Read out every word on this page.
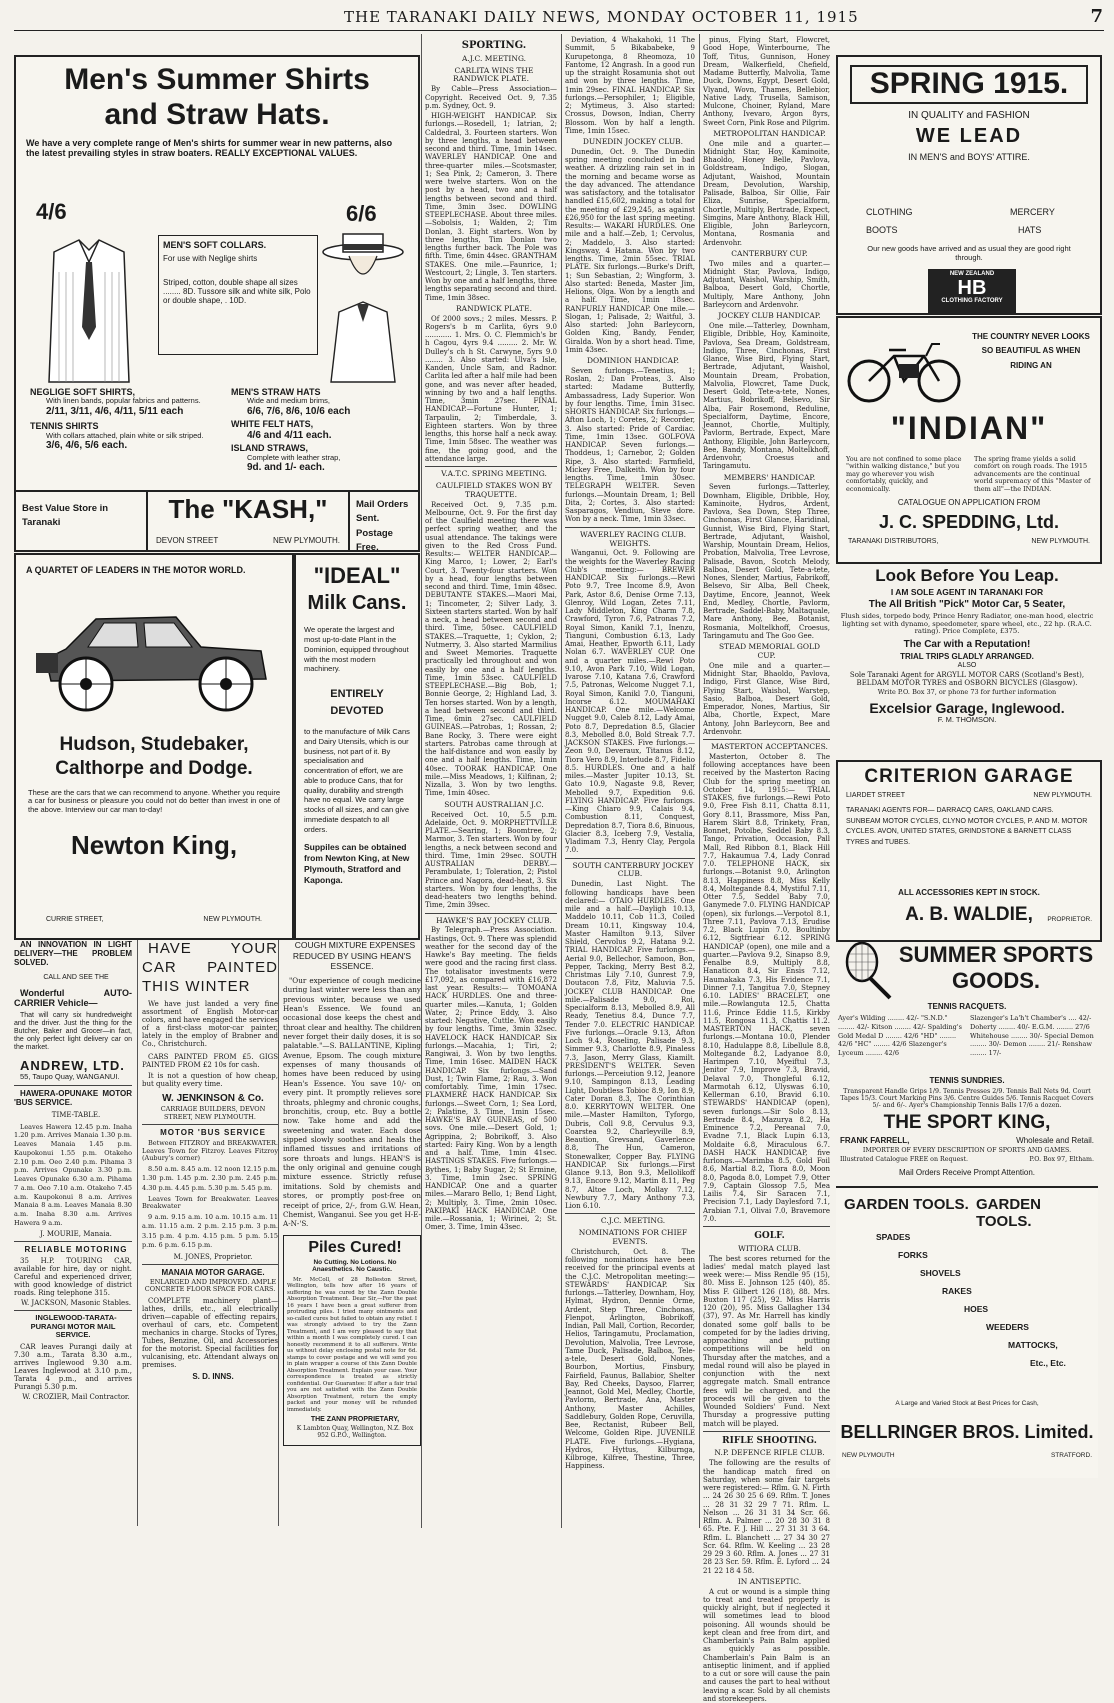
THE TARANAKI DAILY NEWS, MONDAY OCTOBER 11, 1915	7

Men's Summer Shirts

and Straw Hats.

We have a very complete range of Men's shirts for summer wear in new patterns, also the latest prevailing styles in straw boaters. REALLY EXCEPTIONAL VALUES.

4/6	6/6

MEN'S SOFT COLLARS.

For use with Neglige shirts

Striped, cotton, double shape all sizes ........ 8D. Tussore silk and white silk, Polo or double shape, . 10D.

NEGLIGE SOFT SHIRTS,

With linen bands, popular fabrics and patterns.

2/11, 3/11, 4/6, 4/11, 5/11 each

TENNIS SHIRTS

With collars attached, plain white or silk striped.

3/6, 4/6, 5/6 each.

MEN'S STRAW HATS

Wide and medium brims,

6/6, 7/6, 8/6, 10/6 each

WHITE FELT HATS,

4/6 and 4/11 each.

ISLAND STRAWS,

Complete with leather strap,

9d. and 1/- each.

Best Value Store in Taranaki	The "KASH,"

DEVON STREET	NEW PLYMOUTH.

Mail Orders Sent. Postage Free.

A QUARTET OF LEADERS IN THE MOTOR WORLD.

Hudson, Studebaker, Calthorpe and Dodge.

These are the cars that we can recommend to anyone. Whether you require a car for business or pleasure you could not do better than invest in one of the above. Interview our car man to-day!

Newton King,

CURRIE STREET,	NEW PLYMOUTH.

"IDEAL"

Milk Cans.

We operate the largest and most up-to-date Plant in the Dominion, equipped throughout with the most modern machinery.

ENTIRELY DEVOTED

to the manufacture of Milk Cans and Dairy Utensils, which is our business, not part of it. By specialisation and concentration of effort, we are able to produce Cans, that for quality, durability and strength have no equal. We carry large stocks of all sizes, and can give immediate despatch to all orders.

Suppiles can be obtained from Newton King, at New Plymouth, Stratford and Kaponga.

AN INNOVATION IN LIGHT DELIVERY—THE PROBLEM SOLVED.

CALL AND SEE THE

Wonderful AUTO-CARRIER Vehicle—

That will carry six hundredweight and the driver. Just the thing for the Butcher, Baker and Grocer—in fact, the only perfect light delivery car on the market.

ANDREW, LTD.
55, Taupo Quay, WANGANUI.

HAWERA-OPUNAKE MOTOR 'BUS SERVICE.

TIME-TABLE.

Leaves Hawera 12.45 p.m. Inaha 1.20 p.m. Arrives Manaia 1.30 p.m. Leaves Manaia 1.45 p.m. Kaupokonui 1.55 p.m. Otakeho 2.10 p.m. Oeo 2.40 p.m. Pihama 3 p.m. Arrives Opunake 3.30 p.m. Leaves Opunake 6.30 a.m. Pihama 7 a.m. Oeo 7.10 a.m. Otakeho 7.45 a.m. Kaupokonui 8 a.m. Arrives Manaia 8 a.m. Leaves Manaia 8.30 a.m. Inaha 8.30 a.m. Arrives Hawera 9 a.m.

J. MOURIE, Manaia.

RELIABLE MOTORING

35 H.P. TOURING CAR, available for hire, day or night. Careful and experienced driver, with good knowledge of district roads. Ring telephone 315.

W. JACKSON, Masonic Stables.

INGLEWOOD-TARATA-PURANGI MOTOR MAIL SERVICE.

CAR leaves Purangi daily at 7.30 a.m., Tarata 8.30 a.m., arrives Inglewood 9.30 a.m. Leaves Inglewood at 3.10 p.m., Tarata 4 p.m., and arrives Purangi 5.30 p.m.

W. CROZIER, Mail Contractor.

HAVE YOUR CAR PAINTED THIS WINTER

We have just landed a very fine assortment of English Motor-car colors, and have engaged the services of a first-class motor-car painter, lately in the employ of Brabner and Co., Christchurch.

CARS PAINTED FROM £5. GIGS PAINTED FROM £2 10s for cash.

It is not a question of how cheap, but quality every time.

W. JENKINSON & Co.

CARRIAGE BUILDERS, DEVON STREET, NEW PLYMOUTH.

MOTOR 'BUS SERVICE

Between FITZROY and BREAKWATER. Leaves Town for Fitzroy. Leaves Fitzroy (Aubury's corner)

8.50 a.m. 8.45 a.m. 12 noon 12.15 p.m. 1.30 p.m. 1.45 p.m. 2.30 p.m. 2.45 p.m. 4.30 p.m. 4.45 p.m. 5.30 p.m. 5.45 p.m.

Leaves Town for Breakwater. Leaves Breakwater

9 a.m. 9.15 a.m. 10 a.m. 10.15 a.m. 11 a.m. 11.15 a.m. 2 p.m. 2.15 p.m. 3 p.m. 3.15 p.m. 4 p.m. 4.15 p.m. 5 p.m. 5.15 p.m. 6 p.m. 6.15 p.m.

M. JONES, Proprietor.

MANAIA MOTOR GARAGE.

ENLARGED AND IMPROVED. AMPLE CONCRETE FLOOR SPACE FOR CARS.

COMPLETE machinery plant—lathes, drills, etc., all electrically driven—capable of effecting repairs, overhaul of cars, etc. Competent mechanics in charge. Stocks of Tyres, Tubes, Benzine, Oil, and Accessories for the motorist. Special facilities for vulcanising, etc. Attendant always on premises.

S. D. INNS.

COUGH MIXTURE EXPENSES REDUCED BY USING HEAN'S ESSENCE.

"Our experience of cough medicine during last winter were less than any previous winter, because we used Hean's Essence. We found an occasional dose keeps the chest and throat clear and healthy. The children never forget their daily doses, it is so palatable."—S. BALLANTINE, Kipling Avenue, Epsom. The cough mixture expenses of many thousands of homes have been reduced by using Hean's Essence. You save 10/- on every pint. It promptly relieves sore throats, phlegmy and chronic coughs, bronchitis, croup, etc. Buy a bottle now. Take home and add the sweetening and water. Each dose sipped slowly soothes and heals the inflamed tissues and irritations of sore throats and lungs. HEAN'S is the only original and genuine cough mixture essence. Strictly refuse imitations. Sold by chemists and stores, or promptly post-free on receipt of price, 2/-, from G.W. Hean, Chemist, Wanganui. See you get H-E-A-N-'S.

Piles Cured!

No Cutting. No Lotions. No Anaesthetics. No Caustic.

Mr. McColl, of 28 Rolleston Street, Wellington, tells how after 16 years of suffering he was cured by the Zann Double Absorption Treatment. Dear Sir,—For the past 16 years I have been a great sufferer from protruding piles. I tried many ointments and so-called cures but failed to obtain any relief. I was strongly advised to try the Zann Treatment, and I am very pleased to say that within a month I was completely cured. I can honestly recommend it to all sufferers. Write us without delay enclosing postal note for 6d. stamps to cover postage and we will send you in plain wrapper a course of this Zann Double Absorption Treatment. Explain your case. Your correspondence is treated as strictly confidential. Our Guarantee: If after a fair trial you are not satisfied with the Zann Double Absorption Treatment, return the empty packet and your money will be refunded immediately.

THE ZANN PROPRIETARY,

K Lambton Quay, Wellington, N.Z. Box 952 G.P.O., Wellington.

SPORTING.

A.J.C. MEETING.

CARLITA WINS THE RANDWICK PLATE.

By Cable—Press Association—Copyright. Received Oct. 9, 7.35 p.m. Sydney, Oct. 9.

HIGH-WEIGHT HANDICAP. Six furlongs.—Rosedell, 1; Iatrian, 2; Caldedral, 3. Fourteen starters. Won by three lengths, a head between second and third. Time, 1min 14sec. WAVERLEY HANDICAP. One and three-quarter miles.—Scotsmaster, 1; Sea Pink, 2; Cameron, 3. There were twelve starters. Won on the post by a head, two and a half lengths between second and third. Time, 3min 3sec. DOWLING STEEPLECHASE. About three miles.—Sobolsis, 1; Walden, 2; Tim Donlan, 3. Eight starters. Won by three lengths, Tim Donlan two lengths further back. The Pole was fifth. Time, 6min 44sec. GRANTHAM STAKES. One mile.—Faunrice, 1; Westcourt, 2; Lingle, 3. Ten starters. Won by one and a half lengths, three lengths separating second and third. Time, 1min 38sec.

RANDWICK PLATE.

Of 2000 sovs.; 2 miles. Messrs. P. Rogers's b m Carlita, 6yrs 9.0 ............ 1. Mrs. O. C. Flemmich's br h Cagou, 4yrs 9.4 ......... 2. Mr. W. Dulley's ch h St. Carwyne, 5yrs 9.0 ........ 3. Also started: Ulva's Isle, Kanden, Uncle Sam, and Radnor. Carlita led after a half mile had been gone, and was never after headed, winning by two and a half lengths. Time, 3min 27sec. FINAL HANDICAP.—Fortune Hunter, 1; Tarpaulin, 2; Timberdale, 3. Eighteen starters. Won by three lengths, this horse half a neck away. Time, 1min 58sec. The weather was fine, the going good, and the attendance large.

V.A.T.C. SPRING MEETING.

CAULFIELD STAKES WON BY TRAQUETTE.

Received Oct. 9, 7.35 p.m. Melbourne, Oct. 9. For the first day of the Caulfield meeting there was perfect spring weather, and the usual attendance. The takings were given to the Red Cross Fund. Results:— WELTER HANDICAP.—King Marco, 1; Lower, 2; Earl's Court, 3. Twenty-four starters. Won by a head, four lengths between second and third. Time, 1min 48sec. DEBUTANTE STAKES.—Maori Mai, 1; Tincometer, 2; Silver Lady, 3. Sixteen starters started. Won by half a neck, a head between second and third. Time, 50sec. CAULFIELD STAKES.—Traquette, 1; Cyklon, 2; Nutmerry, 3. Also started Marmilius and Sweet Memories. Traquette practically led throughout and won easily by one and a half lengths. Time, 1min 53sec. CAULFIELD STEEPLECHASE.—Big Bob, 1; Bonnie George, 2; Highland Lad, 3. Ten horses started. Won by a length, a head between second and third. Time, 6min 27sec. CAULFIELD GUINEAS.—Patrobas, 1; Rossan, 2; Bane Rocky, 3. There were eight starters. Patrobas came through at the half-distance and won easily by one and a half lengths. Time, 1min 40sec. TOORAK HANDICAP. One mile.—Miss Meadows, 1; Kilfinan, 2; Nizalla, 3. Won by two lengths. Time, 1min 40sec.

SOUTH AUSTRALIAN J.C.

Received Oct. 10, 5.5 p.m. Adelaide, Oct. 9. MORPHETTVILLE PLATE.—Searing, 1; Boomtree, 2; Marmor, 3. Ten starters. Won by four lengths, a neck between second and third. Time, 1min 29sec. SOUTH AUSTRALIAN DERBY.—Perambulate, 1; Toleration, 2; Pistol Prince and Nagora, dead-heat, 3. Six starters. Won by four lengths, the dead-heaters two lengths behind. Time, 2min 39sec.

HAWKE'S BAY JOCKEY CLUB.

By Telegraph.—Press Association. Hastings, Oct. 9. There was splendid weather for the second day of the Hawke's Bay meeting. The fields were good and the racing first class. The totalisator investments were £17,092, as compared with £16,872 last year. Results:— TOMOANA HACK HURDLES. One and three-quarter miles.—Kanuta, 1; Golden Water, 2; Prince Eddy, 3. Also started: Negative, Cuttle. Won easily by four lengths. Time, 3min 32sec. HAVELOCK HACK HANDICAP. Six furlongs.—Macahia, 1; Tiri, 2; Rangiwai, 3. Won by two lengths. Time, 1min 16sec. MAIDEN HACK HANDICAP. Six furlongs.—Sand Dust, 1; Twin Flame, 2; Rau, 3. Won comfortably. Time, 1min 17sec. FLAXMERE HACK HANDICAP. Six furlongs.—Sweet Corn, 1; Sea Lord, 2; Palatine, 3. Time, 1min 15sec. HAWKE'S BAY GUINEAS, of 500 sovs. One mile.—Desert Gold, 1; Agrippina, 2; Bobrikoff, 3. Also started: Fairy King. Won by a length and a half. Time, 1min 41sec. HASTINGS STAKES. Five furlongs.—Bythes, 1; Baby Sugar, 2; St Ermine, 3. Time, 1min 2sec. SPRING HANDICAP. One and a quarter miles.—Mararo Bello, 1; Bend Light, 2; Multiply, 3. Time, 2min 10sec. PAKIPAKI HACK HANDICAP. One mile.—Rossania, 1; Wirinei, 2; St. Omer, 3. Time, 1min 43sec.

Deviation, 4 Whakahoki, 11 The Summit, 5 Bikababeke, 9 Kurupetonga, 8 Rheomoza, 10 Fantome, 12 Angrash. In a good run up the straight Rosamunia shot out and won by three lengths. Time, 1min 29sec. FINAL HANDICAP. Six furlongs.—Persophiler, 1; Eligible, 2; Mytimeus, 3. Also started: Crossus, Dowson, Indian, Cherry Blossom. Won by half a length. Time, 1min 15sec.

DUNEDIN JOCKEY CLUB.

Dunedin, Oct. 9. The Dunedin spring meeting concluded in bad weather. A drizzling rain set in in the morning and became worse as the day advanced. The attendance was satisfactory, and the totalisator handled £15,602, making a total for the meeting of £29,245, as against £26,950 for the last spring meeting. Results:— WAKARI HURDLES. One mile and a half.—Zeb, 1; Cervolus, 2; Maddelo, 3. Also started: Kingsway, 4 Hatana. Won by two lengths. Time, 2min 55sec. TRIAL PLATE. Six furlongs.—Burke's Drift, 1; Sun Sebastian, 2; Wingform, 3. Also started: Beneda, Master Jim, Helions, Olga. Won by a length and a half. Time, 1min 18sec. RANFURLY HANDICAP. One mile.—Slogan, 1; Palisade, 2; Waitful, 3. Also started: John Barleycorn, Golden King, Bandy, Fender, Giralda. Won by a short head. Time, 1min 43sec.

DOMINION HANDICAP.

Seven furlongs.—Tenetius, 1; Roslan, 2; Dan Proteas, 3. Also started: Madame Butterfly, Ambassadress, Lady Superior. Won by four lengths. Time, 1min 31sec. SHORTS HANDICAP. Six furlongs.—Afton Loch, 1; Coretes, 2; Recorder, 3. Also started: Pride of Cardiac. Time, 1min 13sec. GOLFOVA HANDICAP. Seven furlongs.—Thoddeus, 1; Carnebor, 2; Golden Ripe, 3. Also started: Farmfield, Mickey Free, Dalkeith. Won by four lengths. Time, 1min 30sec. TELEGRAPH WELTER. Seven furlongs.—Mountain Dream, 1; Bell Dita, 2; Cortes, 3. Also started: Sasparagos, Vendiun, Steve dore. Won by a neck. Time, 1min 33sec.

WAVERLEY RACING CLUB. WEIGHTS.

Wanganui, Oct. 9. Following are the weights for the Waverley Racing Club's meeting:— BREWER HANDICAP. Six furlongs.—Rewi Poto 9.7, Tree Income 8.9, Avon Park, Astor 8.6, Denise Orme 7.13, Glenroy, Wild Logan, Zetes 7.11, Lady Middleton, King Charm 7.8, Crawford, Tyron 7.6, Patronas 7.2, Royal Simon, Kanikl 7.1, Inenzu, Tianguni, Combustion 6.13, Lady Amai, Heather, Epworth 6.11, Lady Nolan 6.7. WAVERLEY CUP. One and a quarter miles.—Rewi Poto 9.10, Avon Park 7.10, Wild Logan, Ivarose 7.10, Katana 7.6, Crawford 7.5, Patronas, Welcome Nugget 7.1, Royal Simon, Kanikl 7.0, Tianguni, Incorse 6.12. MOUMAHAKI HANDICAP. One mile.—Welcome Nugget 9.0, Caleb 8.12, Lady Amai, Poto 8.7, Depredation 8.5, Glacier 8.3, Mebolled 8.0, Bold Streak 7.7. JACKSON STAKES. Five furlongs.—Zeon 9.0, Deveraux, Titanus 8.12, Tiora Vero 8.9, Interlude 8.7, Fidelio 8.5. HURDLES. One and a half miles.—Master Jupiter 10.13, St. Gato 10.9, Nagaste 9.8, Rever, Mebolled 9.7, Expedition 9.6. FLYING HANDICAP. Five furlongs.—King Chiaro 9.9, Calais 9.4, Combustion 8.11, Conquest, Depredation 8.7, Tiora 8.6, Binuous, Glacier 8.3, Iceberg 7.9, Vestalia, Vladimam 7.3, Henry Clay, Pergola 7.0.

SOUTH CANTERBURY JOCKEY CLUB.

Dunedin, Last Night. The following handicaps have been declared:— OTAIO HURDLES. One mile and a half.—Dayligh 10.13, Maddelo 10.11, Cob 11.3, Coiled Dream 10.11, Kingsway 10.4, Master Hamilton 9.13, Silver Shield, Cervolus 9.2, Hatana 9.2. TRIAL HANDICAP. Five furlongs.—Aerial 9.0, Bellechor, Samoon, Bon, Pepper, Tacking, Merry Best 8.2, Christmas Lily 7.10, Gunrest 7.9, Doutacon 7.8, Fitz, Maluvia 7.5. JOCKEY CLUB HANDICAP. One mile.—Palisade 9.0, Roi, Specialform 8.13, Mebolled 8.9, All Ready, Tenetius 8.4, Dunce 7.7, Tender 7.0. ELECTRIC HANDICAP. Five furlongs.—Oracle 9.13, Afton Loch 9.4, Roseling, Palisade 9.3, Simmer 9.3, Charlotte 8.9, Pinaless 7.3, Jason, Merry Glass, Kiamilt. PRESIDENT'S WELTER. Seven furlongs.—Perceiution 9.12, Jeanore 9.10, Sampingon 8.13, Leading Light, Doubtless Tobioc 8.9, Ion 8.9, Cater Doran 8.3, The Corinthian 8.0. KERRYTOWN WELTER. One mile.—Master Hamilton, Tyforgo, Dubris, Coll 9.8, Cervulus 9.3, Coarstea 9.2, Charleyville 8.9, Beaution, Grevsand, Gaverlence 8.8, The Hun, Cameron, Stonewalker, Copper Bay. FLYING HANDICAP. Six furlongs.—First Glance 9.13, Bon 9.3, Mellolikoff 9.13, Encore 9.12, Martin 8.11, Peg 8.7, Altoe Loch, Mollay 7.12, Newbury 7.7, Mary Anthony 7.3, Lion 6.10.

C.J.C. MEETING.

NOMINATIONS FOR CHIEF EVENTS.

Christchurch, Oct. 8. The following nominations have been received for the principal events at the C.J.C. Metropolitan meeting:— STEWARDS' HANDICAP. Six furlongs.—Tatterley, Downham, Hoy, Hylmat, Hydron, Dennie Orme, Ardent, Step Three, Cinchonas, Flenpot, Arlington, Bobrikoff, Indian, Pall Mall, Cortion, Recorder, Helios, Taringamutu, Proclamation, Devolution, Malvolia, Tree Levrose, Tame Duck, Palisade, Balboa, Tele-a-tele, Desert Gold, Nones, Bourbon, Mortius, Finsbury, Fairfield, Faunus, Ballabior, Shelter Bay, Red Cheeks, Daysoo, Flarrer, Jeannot, Gold Mel, Medley, Chortle, Pavlorm, Bertrade, Ana, Master Anthony, Master Achilles, Saddlebury, Golden Rope, Ceruvilla, Bee, Rectanist, Rubeer Bell, Welcome, Golden Ripe. JUVENILE PLATE. Five furlongs.—Hygiana, Hydros, Hyttus, Kilburnga, Kilbroge, Kilfree, Thestine, Three, Happiness.

pinus, Flying Start, Flowcret, Good Hope, Winterbourne, The Toff, Titus, Gunnison, Honey Dream, Walkerfield, Chefield, Madame Butterfly, Malvolia, Tame Duck, Downs, Egypt, Desert Gold, Vlyand, Wovn, Thames, Bellebior, Native Lady, Trusella, Samison, Mulcone, Choiner, Ryland, Mare Anthony, Ivevaro, Argon 8yrs, Sweet Corn, Pink Rose and Pilgrim.

METROPOLITAN HANDICAP.

One mile and a quarter.—Midnight Star, Hoy, Kaminoite, Bhaoldo, Honey Belle, Pavlova, Goldstream, Indigo, Slogan, Adjutant, Waishod, Mountain Dream, Devolution, Warship, Palisade, Balboa, Sir Ollie, Fair Eliza, Sunrise, Specialform, Chortle, Multiply, Bertrade, Expect, Simgins, Mare Anthony, Black Hill, Eligible, John Barleycorn, Montana, Rosmania and Ardenvohr.

CANTERBURY CUP.

Two miles and a quarter.—Midnight Star, Pavlova, Indigo, Adjutant, Waishol, Warship, Smith, Balboa, Desert Gold, Chortle, Multiply, Mare Anthony, John Barleycorn and Ardenvohr.

JOCKEY CLUB HANDICAP.

One mile.—Tatterley, Downham, Eligible, Dribble, Hoy, Kaminoite, Pavlova, Sea Dream, Goldstream, Indigo, Three, Cinchonas, First Glance, Wise Bird, Flying Start, Bertrade, Adjutant, Waishol, Mountain Dream, Probation, Malvolia, Flowcret, Tame Duck, Desert Gold, Tete-a-tete, Nones, Martius, Bobrikoff, Belsevo, Sir Alba, Fair Rosemond, Reduline, Specialform, Daytime, Encore, Jeannot, Chortle, Multiply, Pavlorm, Bertrade, Expect, Mare Anthony, Eligible, John Barleycorn, Bee, Bandy, Montana, Moltelkhoff, Ardenvohr, Croesus and Taringamutu.

MEMBERS' HANDICAP.

Seven furlongs.—Tatterley, Downham, Eligible, Dribble, Hoy, Kaminoite, Hydros, Ardent, Pavlova, Sea Down, Step Three, Cinchonas, First Glance, Haridinal, Gunnist, Wise Bird, Flying Start, Bertrade, Adjutant, Waishol, Warship, Mountain Dream, Helios, Probation, Malvolia, Tree Levrose, Palisade, Bavon, Scotch Melody, Balboa, Desert Gold, Tete-a-tete, Nones, Slender, Martius, Fabrikoff, Belsevo, Sir Alba, Bell Cheek, Daytime, Encore, Jeannot, Week End, Medley, Chortle, Pavlorm, Bertrade, Saddel-Baby, Maltaquale, Mare Anthony, Bee, Botanist, Rosmania, Moltelkhoff, Croesus, Taringamutu and The Goo Gee.

STEAD MEMORIAL GOLD CUP.

One mile and a quarter.—Midnight Star, Bhaoldo, Pavlova, Indigo, First Glance, Wise Bird, Flying Start, Waishol, Warstep, Sasio, Balboa, Desert Gold, Emperador, Nones, Martius, Sir Alba, Chortle, Expect, Mare Antony, John Barleycorn, Bee and Ardenvohr.

MASTERTON ACCEPTANCES.

Masterton, October 8. The following acceptances have been received by the Masterton Racing Club for the spring meeting on October 14, 1915:— TRIAL STAKES, five furlongs.—Rewi Poto 9.0, Free Fish 8.11, Chatta 8.11, Gory 8.11, Brassmore, Miss Pan, Harem Skirt 8.8, Trinkety, Fran, Bonnet, Potolbe, Seddel Baby 8.3, Tango, Privation, Occasion, Pall Mall, Red Ribbon 8.1, Black Hill 7.7, Hakaumua 7.4, Lady Conrad 7.0. TELEPHONE HACK, six furlongs.—Botanist 9.0, Arlington 8.13, Happiness 8.8, Miss Kelly 8.4, Moltegande 8.4, Mystiful 7.11, Otter 7.5, Seddel Baby 7.0, Ganymede 7.0. FLYING HANDICAP (open), six furlongs.—Verpotol 8.1, Three 7.11, Pavlova 7.13, Erudise 7.2, Black Lupin 7.0, Boultinby 6.12, Sigtfriear 6.12. SPRING HANDICAP (open), one mile and a quarter.—Pavlova 9.2, Sinapso 8.9, Fenalbe 8.9, Multiply 8.8, Hanaticon 8.4, Sir Ensis 7.12, Haumakaka 7.3, His Evidence 7.1, Dinner 7.1, Tangitua 7.0, Stepney 6.10. LADIES' BRACELET, one mile.—Rowlanguta 12.5, Chatta 11.6, Prince Eddie 11.5, Kirkby 11.5, Rongosa 11.3, Chattis 11.2. MASTERTON HACK, seven furlongs.—Montana 10.0, Plender 8.10, Hadulappe 8.8, Libellule 8.8, Moltegande 8.2, Ladyanoe 8.0, Harimpen 7.10, Myeiftul 7.3, Jenitor 7.9, Improve 7.3, Bravid, Delaval 7.0, Thongleful 6.12, Marmotah 6.12, Ulyswas 6.10, Kellerman 6.10, Bravid 6.10. STEWARDS' HANDICAP (open), seven furlongs.—Sir Solo 8.13, Bertrade 8.4, Mazurya 8.2, Ha Eminence 7.2, Pereanal 7.0, Evadne 7.1, Black Lupin 6.13, Moldaite 6.8, Miraculous 6.7. DASH HACK HANDICAP, five furlongs.—Marimba 8.5, Gold Foil 8.6, Martial 8.2, Tiora 8.0, Moon 8.0, Pagoda 8.0, Lompet 7.9, Otter 7.9, Captain Glossop 7.5, Mea Lailis 7.4, Sir Saracen 7.1, Precision 7.1, Lady Daylesford 7.1, Arabian 7.1, Olivai 7.0, Bravemore 7.0.

GOLF.

WITIORA CLUB.

The best scores returned for the ladies' medal match played last week were:— Miss Rendle 95 (15), 80. Miss E. Johnson 125 (40), 85. Miss F. Gilbert 126 (18), 88. Mrs. Buxton 117 (25), 92. Miss Harris 120 (20), 95. Miss Gallagher 134 (37), 97. As Mr. Harrell has kindly donated some golf balls to be competed for by the ladies driving, approaching and putting competitions will be held on Thursday after the matches, and a medal round will also be played in conjunction with the next aggregate match. Small entrance fees will be charged, and the proceeds will be given to the Wounded Soldiers' Fund. Next Thursday a progressive putting match will be played.

RIFLE SHOOTING.

N.P. DEFENCE RIFLE CLUB.

The following are the results of the handicap match fired on Saturday, when some fair targets were registered:— Rflm. G. N. Firth ... 24 26 30 25 6 69. Rflm. T. Jones ... 28 31 32 29 7 71. Rflm. L. Nelson ... 26 31 31 34 Scr. 66. Rflm. A. Palmer ... 20 28 30 31 8 65. Pte. F. J. Hill ... 27 31 31 3 64. Rflm. L. Blanchett ... 27 34 30 27 Scr. 64. Rflm. W. Keeling ... 23 28 29 29 3 60. Rflm. A. Jones ... 27 31 28 23 Scr. 59. Rflm. E. Lyford ... 24 21 22 18 4 58.

IN ANTISEPTIC.

A cut or wound is a simple thing to treat and treated properly is quickly alright, but if neglected it will sometimes lead to blood poisoning. All wounds should be kept clean and free from dirt, and Chamberlain's Pain Balm applied as quickly as possible. Chamberlain's Pain Balm is an antiseptic liniment, and if applied to a cut or sore will cause the pain and causes the part to heal without leaving a scar. Sold by all chemists and storekeepers.

SPRING 1915.

IN QUALITY and FASHION

WE LEAD

IN MEN'S and BOYS' ATTIRE.

CLOTHING	MERCERY

BOOTS	HATS

Our new goods have arrived and as usual they are good right through.

NEW ZEALAND

HB

CLOTHING FACTORY

THE COUNTRY NEVER LOOKS SO BEAUTIFUL AS WHEN RIDING AN

"INDIAN"

You are not confined to some place "within walking distance," but you may go wherever you wish comfortably, quickly, and economically.

The spring frame yields a solid comfort on rough roads. The 1915 advancements are the continual world supremacy of this "Master of them all"—the INDIAN.

CATALOGUE ON APPLICATION FROM

J. C. SPEDDING, Ltd.

TARANAKI DISTRIBUTORS,	NEW PLYMOUTH.

Look Before You Leap.

I AM SOLE AGENT IN TARANAKI FOR

The All British "Pick" Motor Car, 5 Seater,

Flush sides, torpedo body, Prince Henry Radiator, one-man hood, electric lighting set with dynamo, speedometer, spare wheel, etc., 22 hp. (R.A.C. rating). Price Complete, £375.

The Car with a Reputation!

TRIAL TRIPS GLADLY ARRANGED.

ALSO

Sole Taranaki Agent for ARGYLL MOTOR CARS (Scotland's Best), BELDAM MOTOR TYRES and OSBORN BICYCLES (Glasgow).

Write P.O. Box 37, or phone 73 for further information

Excelsior Garage, Inglewood.

F. M. THOMSON.

CRITERION GARAGE

LIARDET STREET	NEW PLYMOUTH.

TARANAKI AGENTS FOR— DARRACQ CARS, OAKLAND CARS. SUNBEAM MOTOR CYCLES, CLYNO MOTOR CYCLES, P. AND M. MOTOR CYCLES. AVON, UNITED STATES, GRINDSTONE & BARNETT CLASS TYRES and TUBES.

ALL ACCESSORIES KEPT IN STOCK.

A. B. WALDIE,	PROPRIETOR.

SUMMER SPORTS

GOODS.

TENNIS RACQUETS.

Ayer's Wilding ........ 42/- "S.N.D." ........ 42/- Kitson ........ 42/- Spalding's Gold Medal D ........ 42/6 "HD" ........ 42/6 "HC" ........ 42/6 Slazenger's Lyceum ........ 42/6

Slazenger's La'h't Chamber's .... 42/- Doherty ........ 40/- E.G.M. ........ 27/6 Whitehouse ........ 30/- Special Demon ........ 30/- Demon ........ 21/- Renshaw ........ 17/-

TENNIS SUNDRIES.

Transparent Handle Grips 1/9. Tennis Presses 2/9. Tennis Ball Nets 9d. Court Tapes 15/3. Court Marking Pins 3/6. Centre Guides 5/6. Tennis Racquet Covers 5/- and 6/-. Ayer's Championship Tennis Balls 17/6 a dozen.

THE SPORT KING,

FRANK FARRELL,	Wholesale and Retail.

IMPORTER OF EVERY DESCRIPTION OF SPORTS AND GAMES.

Illustrated Catalogue FREE on Request.	P.O. Box 97, Eltham.

Mail Orders Receive Prompt Attention.

GARDEN TOOLS. GARDEN TOOLS.

SPADES
FORKS
SHOVELS
RAKES
HOES
WEEDERS
MATTOCKS,
Etc., Etc.

A Large and Varied Stock at Best Prices for Cash,

BELLRINGER BROS. Limited.

NEW PLYMOUTH	STRATFORD.
